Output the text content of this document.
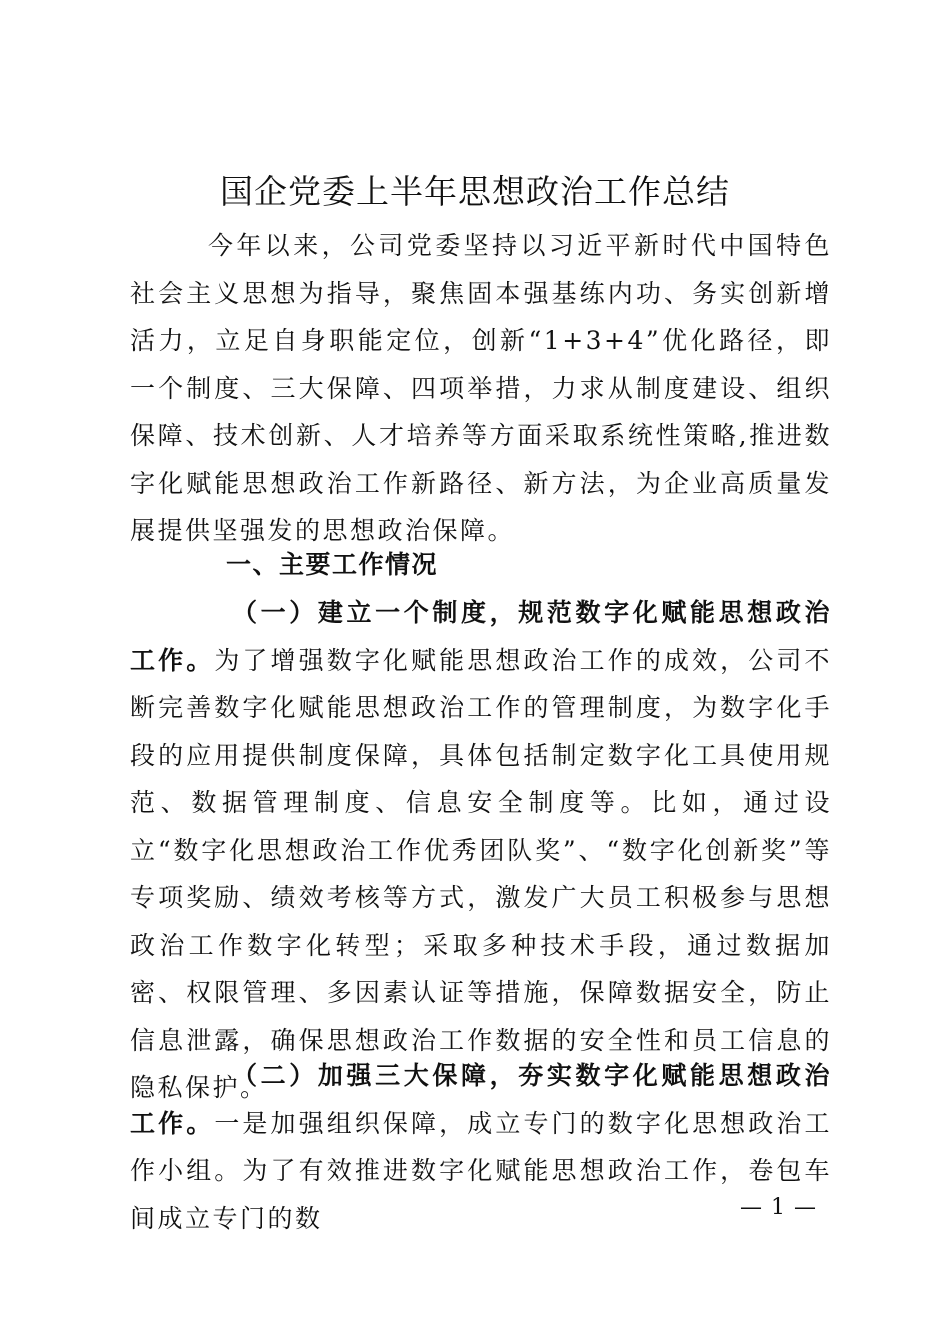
国企党委上半年思想政治工作总结

今年以来，公司党委坚持以习近平新时代中国特色社会主义思想为指导，聚焦固本强基练内功、务实创新增活力，立足自身职能定位，创新“1+3+4”优化路径，即一个制度、三大保障、四项举措，力求从制度建设、组织保障、技术创新、人才培养等方面采取系统性策略,推进数字化赋能思想政治工作新路径、新方法，为企业高质量发展提供坚强发的思想政治保障。

一、主要工作情况

（一）建立一个制度，规范数字化赋能思想政治工作。为了增强数字化赋能思想政治工作的成效，公司不断完善数字化赋能思想政治工作的管理制度，为数字化手段的应用提供制度保障，具体包括制定数字化工具使用规范、数据管理制度、信息安全制度等。比如，通过设立“数字化思想政治工作优秀团队奖”、“数字化创新奖”等专项奖励、绩效考核等方式，激发广大员工积极参与思想政治工作数字化转型；采取多种技术手段，通过数据加密、权限管理、多因素认证等措施，保障数据安全，防止信息泄露，确保思想政治工作数据的安全性和员工信息的隐私保护。

（二）加强三大保障，夯实数字化赋能思想政治工作。一是加强组织保障，成立专门的数字化思想政治工作小组。为了有效推进数字化赋能思想政治工作，卷包车间成立专门的数	— 1 —
